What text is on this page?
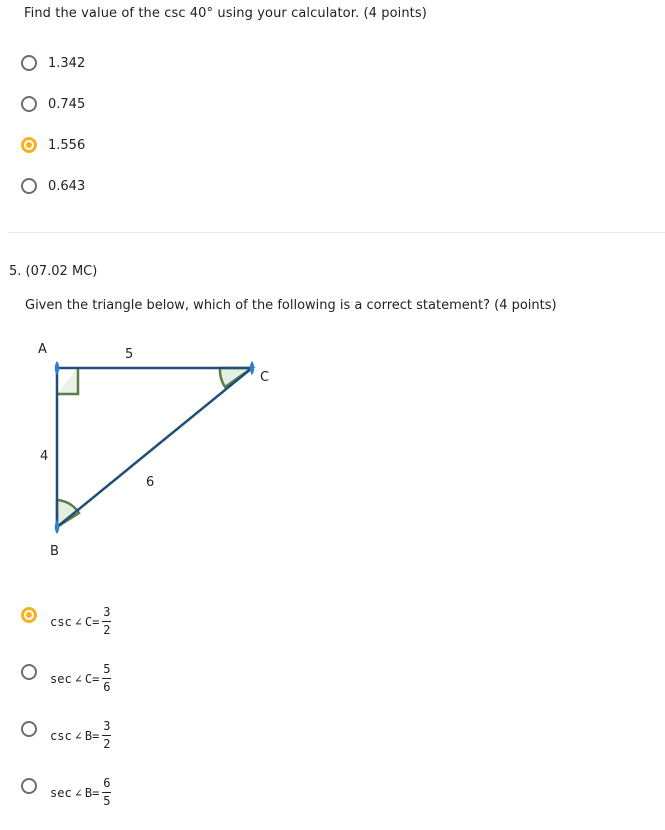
Find the value of the csc 40° using your calculator. (4 points)
1.342
0.745
1.556
0.643
5. (07.02 MC)
Given the triangle below, which of the following is a correct statement? (4 points)
A
B
C
5
4
6
csc ∠ $C = \frac{3}{2}$
sec ∠ $C = \frac{5}{6}$
csc ∠ $B = \frac{3}{2}$
sec ∠ $B = \frac{6}{5}$
